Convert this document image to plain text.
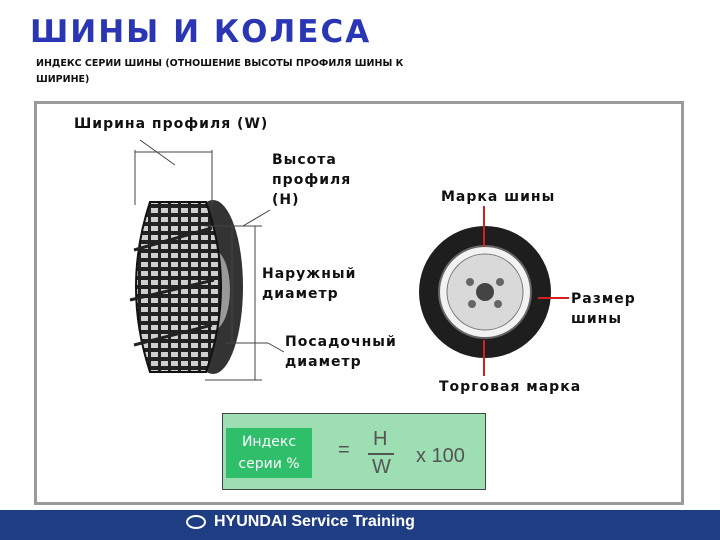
ШИНЫ И КОЛЕСА
ИНДЕКС СЕРИИ ШИНЫ (ОТНОШЕНИЕ ВЫСОТЫ ПРОФИЛЯ ШИНЫ К ШИРИНЕ)
Ширина профиля (W)
Высота
профиля
(H)
Наружный
диаметр
Посадочный
диаметр
Марка шины
Размер
шины
Торговая марка
Индекс
серии %
= H
W x 100
HYUNDAI Service Training
